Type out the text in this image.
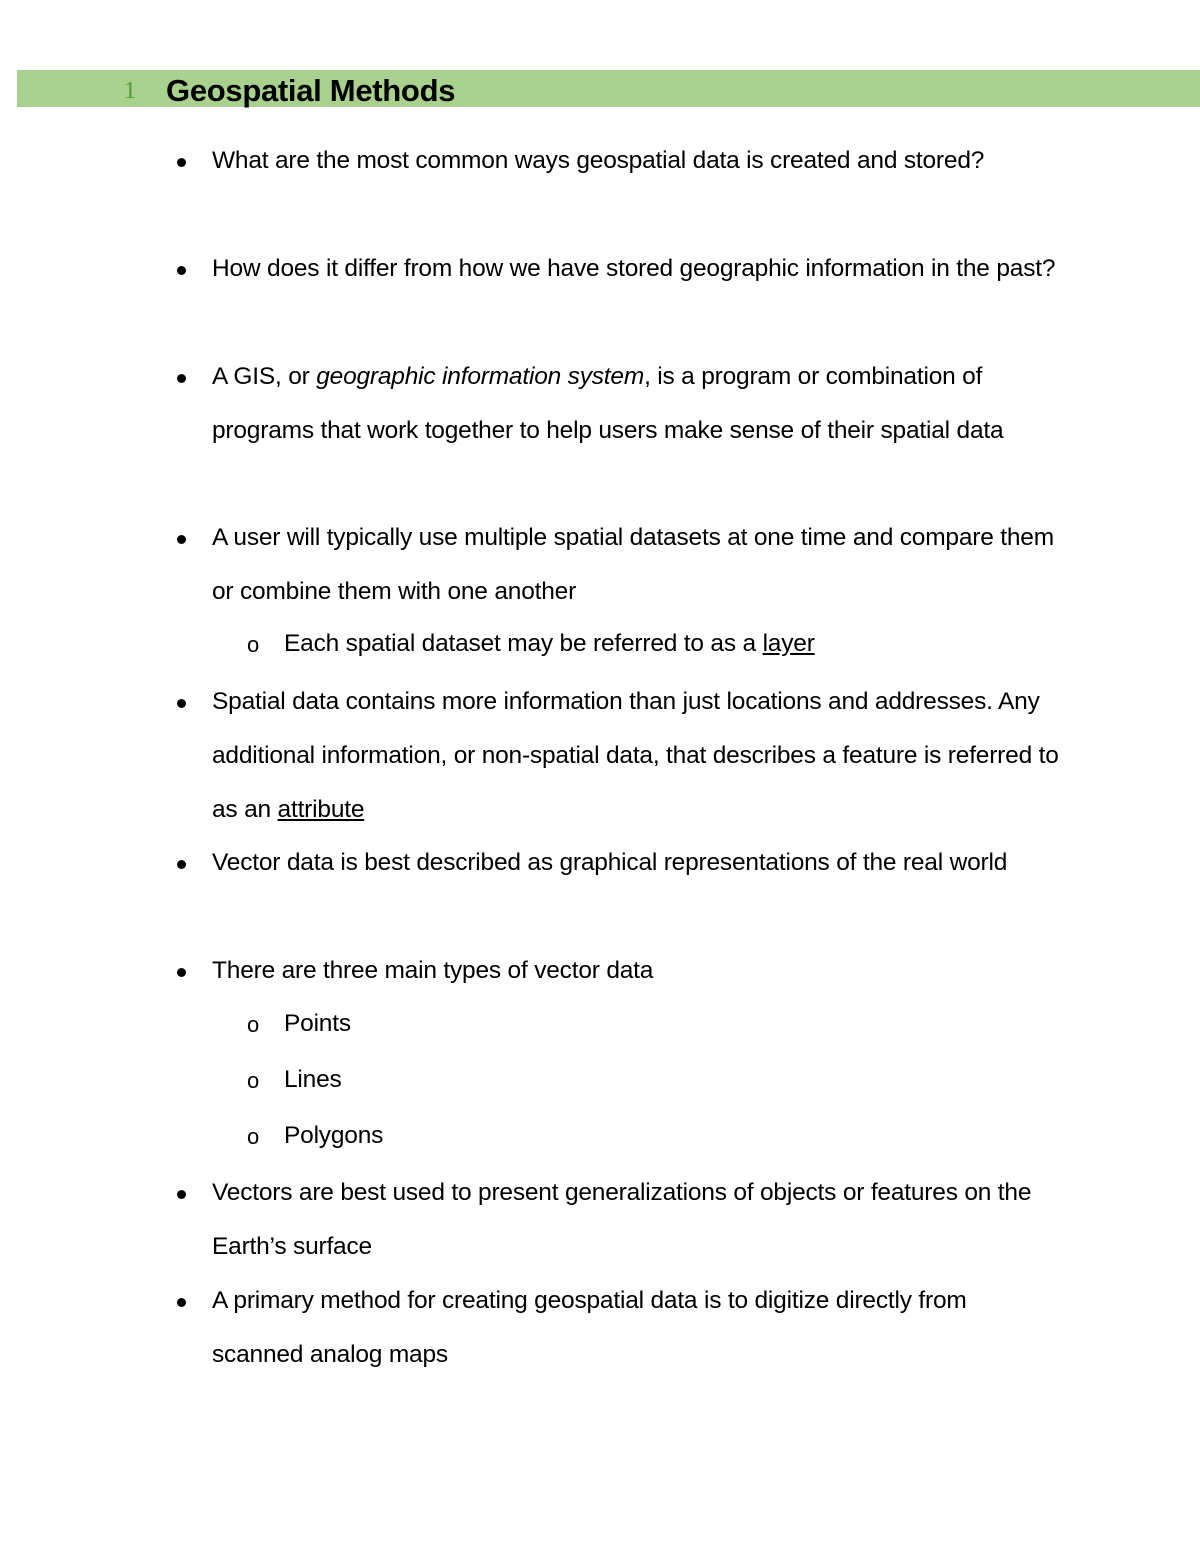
1 Geospatial Methods
What are the most common ways geospatial data is created and stored?
How does it differ from how we have stored geographic information in the past?
A GIS, or geographic information system, is a program or combination of programs that work together to help users make sense of their spatial data
A user will typically use multiple spatial datasets at one time and compare them or combine them with one another
o Each spatial dataset may be referred to as a layer
Spatial data contains more information than just locations and addresses. Any additional information, or non-spatial data, that describes a feature is referred to as an attribute
Vector data is best described as graphical representations of the real world
There are three main types of vector data
o Points
o Lines
o Polygons
Vectors are best used to present generalizations of objects or features on the Earth’s surface
A primary method for creating geospatial data is to digitize directly from scanned analog maps
